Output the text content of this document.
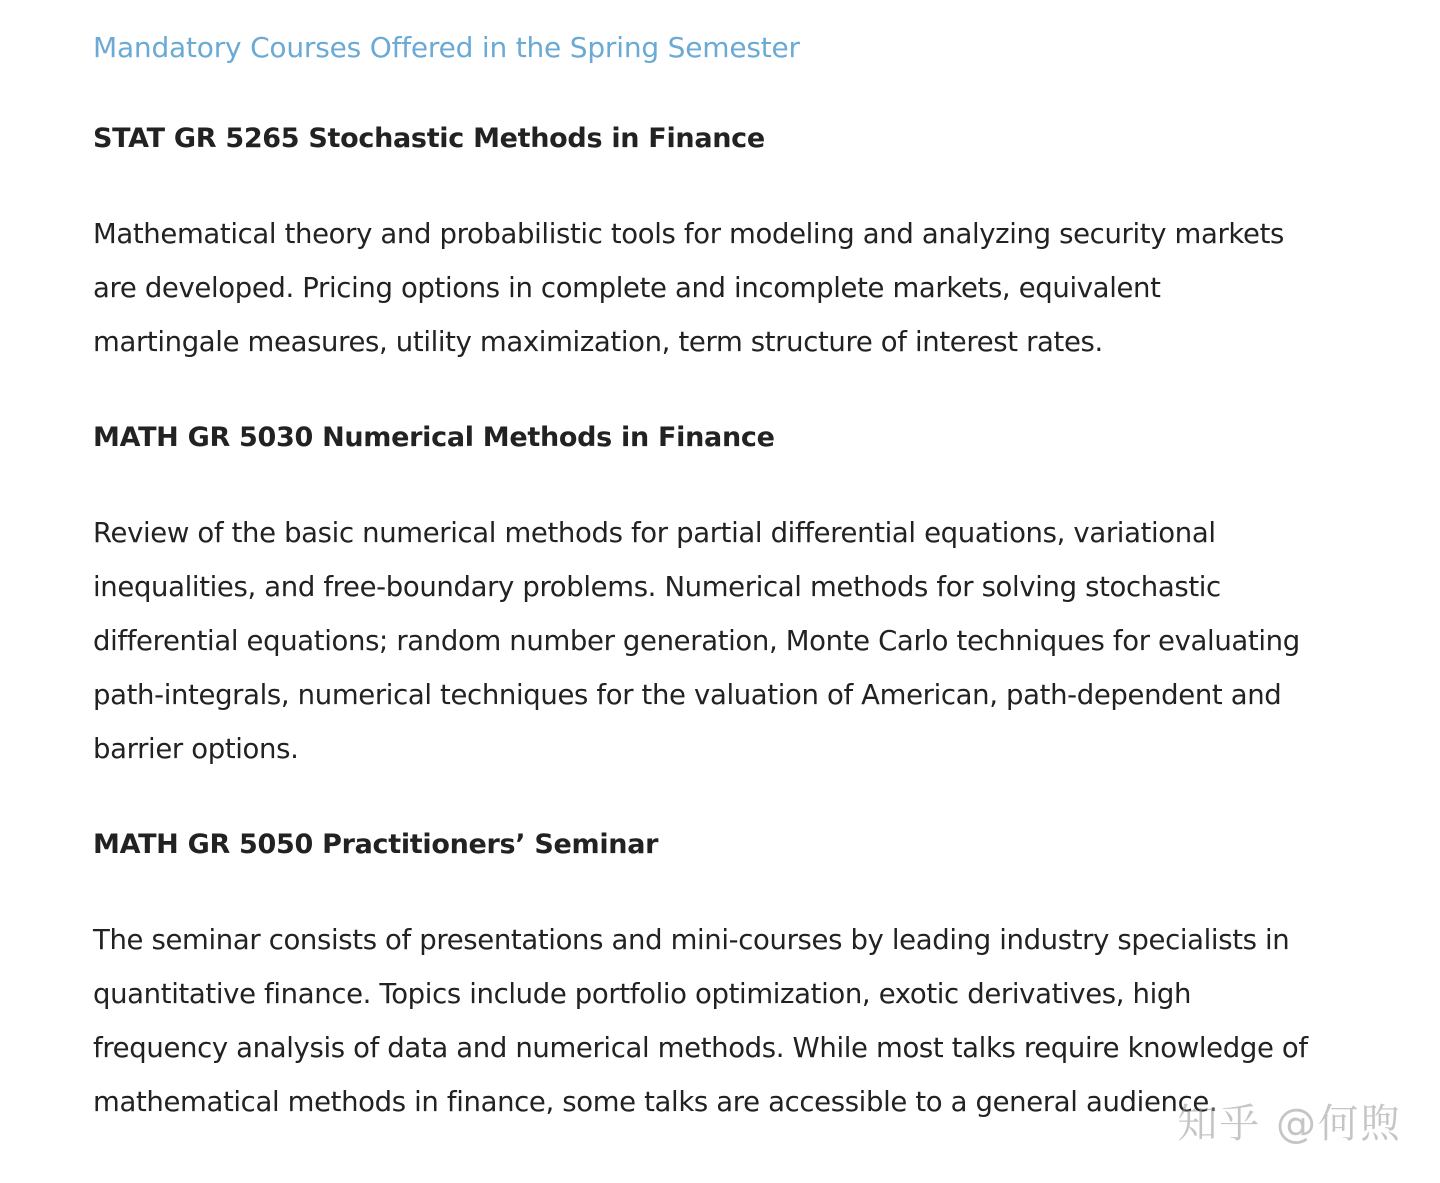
Mandatory Courses Offered in the Spring Semester
STAT GR 5265 Stochastic Methods in Finance

Mathematical theory and probabilistic tools for modeling and analyzing security markets are developed. Pricing options in complete and incomplete markets, equivalent martingale measures, utility maximization, term structure of interest rates.

MATH GR 5030 Numerical Methods in Finance

Review of the basic numerical methods for partial differential equations, variational inequalities, and free-boundary problems. Numerical methods for solving stochastic differential equations; random number generation, Monte Carlo techniques for evaluating path-integrals, numerical techniques for the valuation of American, path-dependent and barrier options.

MATH GR 5050 Practitioners’ Seminar

The seminar consists of presentations and mini-courses by leading industry specialists in quantitative finance. Topics include portfolio optimization, exotic derivatives, high frequency analysis of data and numerical methods. While most talks require knowledge of mathematical methods in finance, some talks are accessible to a general audience.

知乎 @何煦
